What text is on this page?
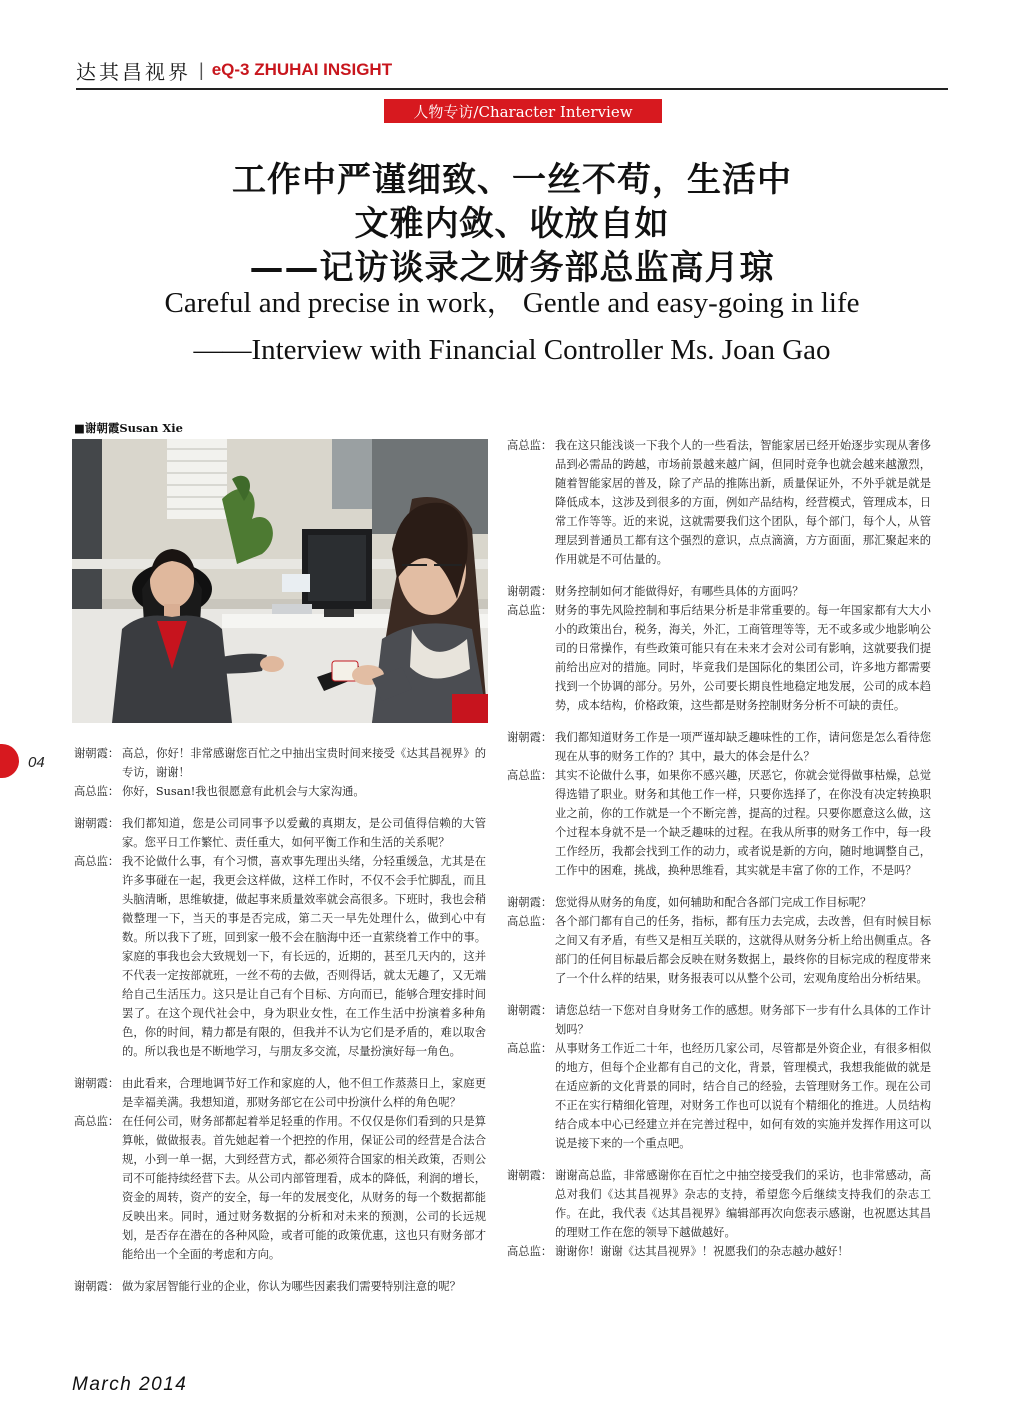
达其昌视界 | eQ-3 ZHUHAI INSIGHT
人物专访/Character Interview
工作中严谨细致、一丝不苟，生活中
文雅内敛、收放自如
——记访谈录之财务部总监高月琼
Careful and precise in work， Gentle and easy-going in life
——Interview with Financial Controller Ms. Joan Gao
■谢朝霞Susan Xie
04
谢朝霞： 高总，你好！非常感谢您百忙之中抽出宝贵时间来接受《达其昌视界》的专访，谢谢！
高总监： 你好，Susan!我也很愿意有此机会与大家沟通。
谢朝霞： 我们都知道，您是公司同事予以爱戴的真期友，是公司值得信赖的大管家。您平日工作繁忙、责任重大，如何平衡工作和生活的关系呢？
高总监： 我不论做什么事，有个习惯，喜欢事先理出头绪，分轻重缓急，尤其是在许多事碰在一起，我更会这样做，这样工作时，不仅不会手忙脚乱，而且头脑清晰，思维敏捷，做起事来质量效率就会高很多。下班时，我也会稍微整理一下，当天的事是否完成，第二天一早先处理什么，做到心中有数。所以我下了班，回到家一般不会在脑海中还一直萦绕着工作中的事。家庭的事我也会大致规划一下，有长远的，近期的，甚至几天内的，这并不代表一定按部就班，一丝不苟的去做，否则得话，就太无趣了，又无端给自己生活压力。这只是让自己有个目标、方向而已，能够合理安排时间罢了。在这个现代社会中，身为职业女性，在工作生活中扮演着多种角色，你的时间，精力都是有限的，但我并不认为它们是矛盾的，难以取舍的。所以我也是不断地学习，与朋友多交流，尽量扮演好每一角色。
谢朝霞： 由此看来，合理地调节好工作和家庭的人，他不但工作蒸蒸日上，家庭更是幸福美满。我想知道，那财务部它在公司中扮演什么样的角色呢？
高总监： 在任何公司，财务部都起着举足轻重的作用。不仅仅是你们看到的只是算算帐，做做报表。首先她起着一个把控的作用，保证公司的经营是合法合规，小到一单一据，大到经营方式，都必须符合国家的相关政策，否则公司不可能持续经营下去。从公司内部管理看，成本的降低，利润的增长，资金的周转，资产的安全，每一年的发展变化，从财务的每一个数据都能反映出来。同时，通过财务数据的分析和对未来的预测，公司的长远规划，是否存在潜在的各种风险，或者可能的政策优惠，这也只有财务部才能给出一个全面的考虑和方向。
谢朝霞： 做为家居智能行业的企业，你认为哪些因素我们需要特别注意的呢？
高总监： 我在这只能浅谈一下我个人的一些看法，智能家居已经开始逐步实现从奢侈品到必需品的跨越，市场前景越来越广阔，但同时竞争也就会越来越激烈，随着智能家居的普及，除了产品的推陈出新，质量保证外，不外乎就是就是降低成本，这涉及到很多的方面，例如产品结构，经营模式，管理成本，日常工作等等。近的来说，这就需要我们这个团队，每个部门，每个人，从管理层到普通员工都有这个强烈的意识，点点滴滴，方方面面，那汇聚起来的作用就是不可估量的。
谢朝霞： 财务控制如何才能做得好，有哪些具体的方面吗？
高总监： 财务的事先风险控制和事后结果分析是非常重要的。每一年国家都有大大小小的政策出台，税务，海关，外汇，工商管理等等，无不或多或少地影响公司的日常操作，有些政策可能只有在未来才会对公司有影响，这就要我们提前给出应对的措施。同时，毕竟我们是国际化的集团公司，许多地方都需要找到一个协调的部分。另外，公司要长期良性地稳定地发展，公司的成本趋势，成本结构，价格政策，这些都是财务控制财务分析不可缺的责任。
谢朝霞： 我们都知道财务工作是一项严谨却缺乏趣味性的工作，请问您是怎么看待您现在从事的财务工作的？其中，最大的体会是什么？
高总监： 其实不论做什么事，如果你不感兴趣，厌恶它，你就会觉得做事枯燥，总觉得选错了职业。财务和其他工作一样，只要你选择了，在你没有决定转换职业之前，你的工作就是一个不断完善，提高的过程。只要你愿意这么做，这个过程本身就不是一个缺乏趣味的过程。在我从所事的财务工作中，每一段工作经历，我都会找到工作的动力，或者说是新的方向，随时地调整自己，工作中的困难，挑战，换种思维看，其实就是丰富了你的工作，不是吗？
谢朝霞： 您觉得从财务的角度，如何辅助和配合各部门完成工作目标呢？
高总监： 各个部门都有自己的任务，指标，都有压力去完成，去改善，但有时候目标之间又有矛盾，有些又是相互关联的，这就得从财务分析上给出侧重点。各部门的任何目标最后都会反映在财务数据上，最终你的目标完成的程度带来了一个什么样的结果，财务报表可以从整个公司，宏观角度给出分析结果。
谢朝霞： 请您总结一下您对自身财务工作的感想。财务部下一步有什么具体的工作计划吗？
高总监： 从事财务工作近二十年，也经历几家公司，尽管都是外资企业，有很多相似的地方，但每个企业都有自己的文化，背景，管理模式，我想我能做的就是在适应新的文化背景的同时，结合自己的经验，去管理财务工作。现在公司不正在实行精细化管理，对财务工作也可以说有个精细化的推进。人员结构结合成本中心已经建立并在完善过程中，如何有效的实施并发挥作用这可以说是接下来的一个重点吧。
谢朝霞： 谢谢高总监，非常感谢你在百忙之中抽空接受我们的采访，也非常感动，高总对我们《达其昌视界》杂志的支持，希望您今后继续支持我们的杂志工作。在此，我代表《达其昌视界》编辑部再次向您表示感谢，也祝愿达其昌的理财工作在您的领导下越做越好。
高总监： 谢谢你！谢谢《达其昌视界》！祝愿我们的杂志越办越好！
March 2014
